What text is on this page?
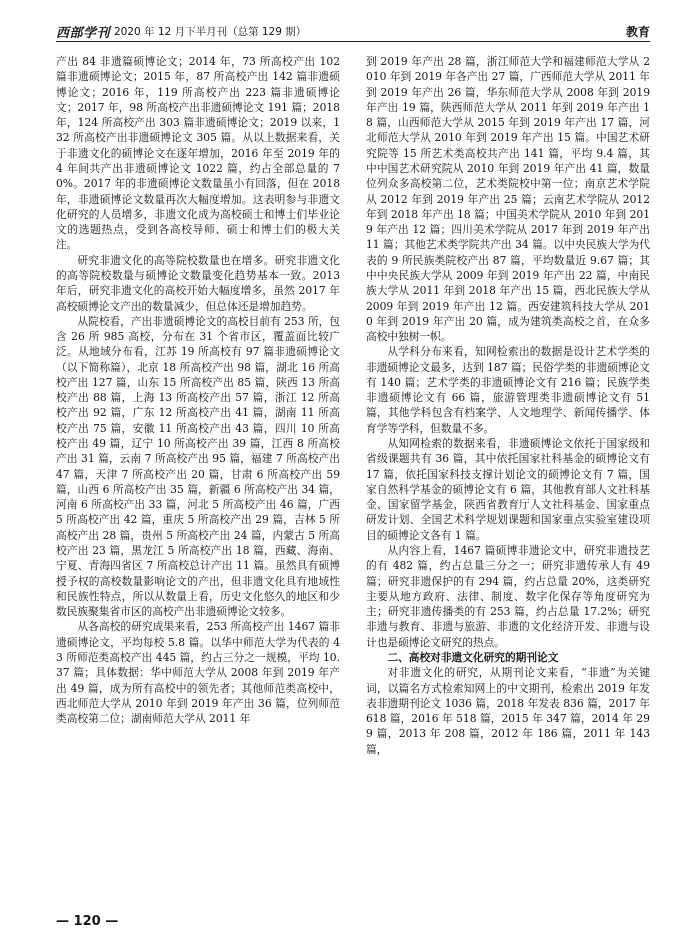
西部学刊 2020 年 12 月下半月刊（总第 129 期）	教育

产出 84 非遗篇硕博论文；2014 年，73 所高校产出 102 篇非遗硕博论文；2015 年，87 所高校产出 142 篇非遗硕博论文；2016 年，119 所高校产出 223 篇非遗硕博论文；2017 年，98 所高校产出非遗硕博论文 191 篇；2018 年，124 所高校产出 303 篇非遗硕博论文；2019 以来，132 所高校产出非遗硕博论文 305 篇。从以上数据来看，关于非遗文化的硕博论文在逐年增加，2016 年至 2019 年的 4 年间共产出非遗硕博论文 1022 篇，约占全部总量的 70%。2017 年的非遗硕博论文数量虽小有回落，但在 2018 年，非遗硕博论文数量再次大幅度增加。这表明参与非遗文化研究的人员增多，非遗文化成为高校硕士和博士们毕业论文的选题热点，受到各高校导师、硕士和博士们的极大关注。

研究非遗文化的高等院校数量也在增多。研究非遗文化的高等院校数量与硕博论文数量变化趋势基本一致。2013 年后，研究非遗文化的高校开始大幅度增多，虽然 2017 年高校硕博论文产出的数量减少，但总体还是增加趋势。

从院校看，产出非遗硕博论文的高校目前有 253 所，包含 26 所 985 高校，分布在 31 个省市区，覆盖面比较广泛。从地域分布看，江苏 19 所高校有 97 篇非遗硕博论文（以下简称篇），北京 18 所高校产出 98 篇，湖北 16 所高校产出 127 篇，山东 15 所高校产出 85 篇，陕西 13 所高校产出 88 篇，上海 13 所高校产出 57 篇，浙江 12 所高校产出 92 篇，广东 12 所高校产出 41 篇，湖南 11 所高校产出 75 篇，安徽 11 所高校产出 43 篇，四川 10 所高校产出 49 篇，辽宁 10 所高校产出 39 篇，江西 8 所高校产出 31 篇，云南 7 所高校产出 95 篇，福建 7 所高校产出 47 篇，天津 7 所高校产出 20 篇，甘肃 6 所高校产出 59 篇，山西 6 所高校产出 35 篇，新疆 6 所高校产出 34 篇，河南 6 所高校产出 33 篇，河北 5 所高校产出 46 篇，广西 5 所高校产出 42 篇，重庆 5 所高校产出 29 篇，吉林 5 所高校产出 28 篇，贵州 5 所高校产出 24 篇，内蒙古 5 所高校产出 23 篇，黑龙江 5 所高校产出 18 篇，西藏、海南、宁夏、青海四省区 7 所高校总计产出 11 篇。虽然具有硕博授予权的高校数量影响论文的产出，但非遗文化具有地域性和民族性特点，所以从数量上看，历史文化悠久的地区和少数民族聚集省市区的高校产出非遗硕博论文较多。

从各高校的研究成果来看，253 所高校产出 1467 篇非遗硕博论文，平均每校 5.8 篇。以华中师范大学为代表的 43 所师范类高校产出 445 篇，约占三分之一规模，平均 10.37 篇；具体数据：华中师范大学从 2008 年到 2019 年产出 49 篇，成为所有高校中的领先者；其他师范类高校中，西北师范大学从 2010 年到 2019 年产出 36 篇，位列师范类高校第二位；湖南师范大学从 2011 年

到 2019 年产出 28 篇，浙江师范大学和福建师范大学从 2010 年到 2019 年各产出 27 篇，广西师范大学从 2011 年到 2019 年产出 26 篇，华东师范大学从 2008 年到 2019 年产出 19 篇，陕西师范大学从 2011 年到 2019 年产出 18 篇，山西师范大学从 2015 年到 2019 年产出 17 篇，河北师范大学从 2010 年到 2019 年产出 15 篇。中国艺术研究院等 15 所艺术类高校共产出 141 篇，平均 9.4 篇，其中中国艺术研究院从 2010 年到 2019 年产出 41 篇，数量位列众多高校第二位，艺术类院校中第一位；南京艺术学院从 2012 年到 2019 年产出 25 篇；云南艺术学院从 2012 年到 2018 年产出 18 篇；中国美术学院从 2010 年到 2019 年产出 12 篇；四川美术学院从 2017 年到 2019 年产出 11 篇；其他艺术类学院共产出 34 篇。以中央民族大学为代表的 9 所民族类院校产出 87 篇，平均数量近 9.67 篇；其中中央民族大学从 2009 年到 2019 年产出 22 篇，中南民族大学从 2011 年到 2018 年产出 15 篇，西北民族大学从 2009 年到 2019 年产出 12 篇。西安建筑科技大学从 2010 年到 2019 年产出 20 篇，成为建筑类高校之首，在众多高校中独树一帜。

从学科分布来看，知网检索出的数据是设计艺术学类的非遗硕博论文最多，达到 187 篇；民俗学类的非遗硕博论文有 140 篇；艺术学类的非遗硕博论文有 216 篇；民族学类非遗硕博论文有 66 篇，旅游管理类非遗硕博论文有 51 篇，其他学科包含有档案学、人文地理学、新闻传播学、体育学等学科，但数量不多。

从知网检索的数据来看，非遗硕博论文依托于国家级和省级课题共有 36 篇，其中依托国家社科基金的硕博论文有 17 篇，依托国家科技支撑计划论文的硕博论文有 7 篇，国家自然科学基金的硕博论文有 6 篇，其他教育部人文社科基金、国家留学基金，陕西省教育厅人文社科基金、国家重点研发计划、全国艺术科学规划课题和国家重点实验室建设项目的硕博论文各有 1 篇。

从内容上看，1467 篇硕博非遗论文中，研究非遗技艺的有 482 篇，约占总量三分之一；研究非遗传承人有 49 篇；研究非遗保护的有 294 篇，约占总量 20%，这类研究主要从地方政府、法律、制度、数字化保存等角度研究为主；研究非遗传播类的有 253 篇，约占总量 17.2%；研究非遗与教育、非遗与旅游、非遗的文化经济开发、非遗与设计也是硕博论文研究的热点。

二、高校对非遗文化研究的期刊论文

对非遗文化的研究，从期刊论文来看，“非遗”为关键词，以篇名方式检索知网上的中文期刊，检索出 2019 年发表非遗期刊论文 1036 篇，2018 年发表 836 篇，2017 年 618 篇，2016 年 518 篇，2015 年 347 篇，2014 年 299 篇，2013 年 208 篇，2012 年 186 篇，2011 年 143 篇，

— 120 —
